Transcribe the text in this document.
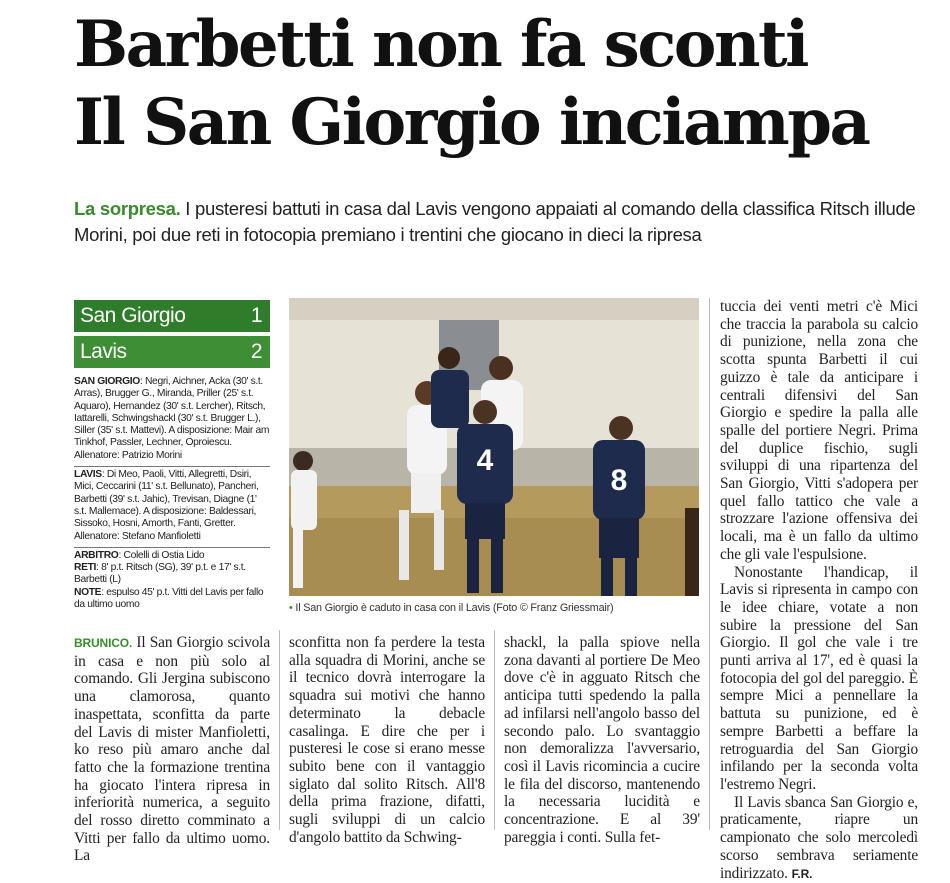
Barbetti non fa sconti
Il San Giorgio inciampa
La sorpresa. I pusteresi battuti in casa dal Lavis vengono appaiati al comando della classifica Ritsch illude Morini, poi due reti in fotocopia premiano i trentini che giocano in dieci la ripresa
San Giorgio	1
Lavis	2
SAN GIORGIO: Negri, Aichner, Acka (30' s.t. Arras), Brugger G., Miranda, Priller (25' s.t. Aquaro), Hernandez (30' s.t. Lercher), Ritsch, Iattarelli, Schwingshackl (30' s.t. Brugger L.), Siller (35' s.t. Mattevi). A disposizione: Mair am Tinkhof, Passler, Lechner, Oproiescu. Allenatore: Patrizio Morini
LAVIS: Di Meo, Paoli, Vitti, Allegretti, Dsiri, Mici, Ceccarini (11' s.t. Bellunato), Pancheri, Barbetti (39' s.t. Jahic), Trevisan, Diagne (1' s.t. Mallemace). A disposizione: Baldessari, Sissoko, Hosni, Amorth, Fanti, Gretter. Allenatore: Stefano Manfioletti
ARBITRO: Colelli di Ostia Lido
RETI: 8' p.t. Ritsch (SG), 39' p.t. e 17' s.t. Barbetti (L)
NOTE: espulso 45' p.t. Vitti del Lavis per fallo da ultimo uomo
4
8
• Il San Giorgio è caduto in casa con il Lavis (Foto © Franz Griessmair)

BRUNICO. Il San Giorgio scivola in casa e non più solo al comando. Gli Jergina subiscono una clamorosa, quanto inaspettata, sconfitta da parte del Lavis di mister Manfioletti, ko reso più amaro anche dal fatto che la formazione trentina ha giocato l'intera ripresa in inferiorità numerica, a seguito del rosso diretto comminato a Vitti per fallo da ultimo uomo. La

sconfitta non fa perdere la testa alla squadra di Morini, anche se il tecnico dovrà interrogare la squadra sui motivi che hanno determinato la debacle casalinga. E dire che per i pusteresi le cose si erano messe subito bene con il vantaggio siglato dal solito Ritsch. All'8 della prima frazione, difatti, sugli sviluppi di un calcio d'angolo battito da Schwing-

shackl, la palla spiove nella zona davanti al portiere De Meo dove c'è in agguato Ritsch che anticipa tutti spedendo la palla ad infilarsi nell'angolo basso del secondo palo. Lo svantaggio non demoralizza l'avversario, così il Lavis ricomincia a cucire le fila del discorso, mantenendo la necessaria lucidità e concentrazione. E al 39' pareggia i conti. Sulla fet-

tuccia dei venti metri c'è Mici che traccia la parabola su calcio di punizione, nella zona che scotta spunta Barbetti il cui guizzo è tale da anticipare i centrali difensivi del San Giorgio e spedire la palla alle spalle del portiere Negri. Prima del duplice fischio, sugli sviluppi di una ripartenza del San Giorgio, Vitti s'adopera per quel fallo tattico che vale a strozzare l'azione offensiva dei locali, ma è un fallo da ultimo che gli vale l'espulsione.

Nonostante l'handicap, il Lavis si ripresenta in campo con le idee chiare, votate a non subire la pressione del San Giorgio. Il gol che vale i tre punti arriva al 17', ed è quasi la fotocopia del gol del pareggio. È sempre Mici a pennellare la battuta su punizione, ed è sempre Barbetti a beffare la retroguardia del San Giorgio infilando per la seconda volta l'estremo Negri.

Il Lavis sbanca San Giorgio e, praticamente, riapre un campionato che solo mercoledì scorso sembrava seriamente indirizzato. F.R.
